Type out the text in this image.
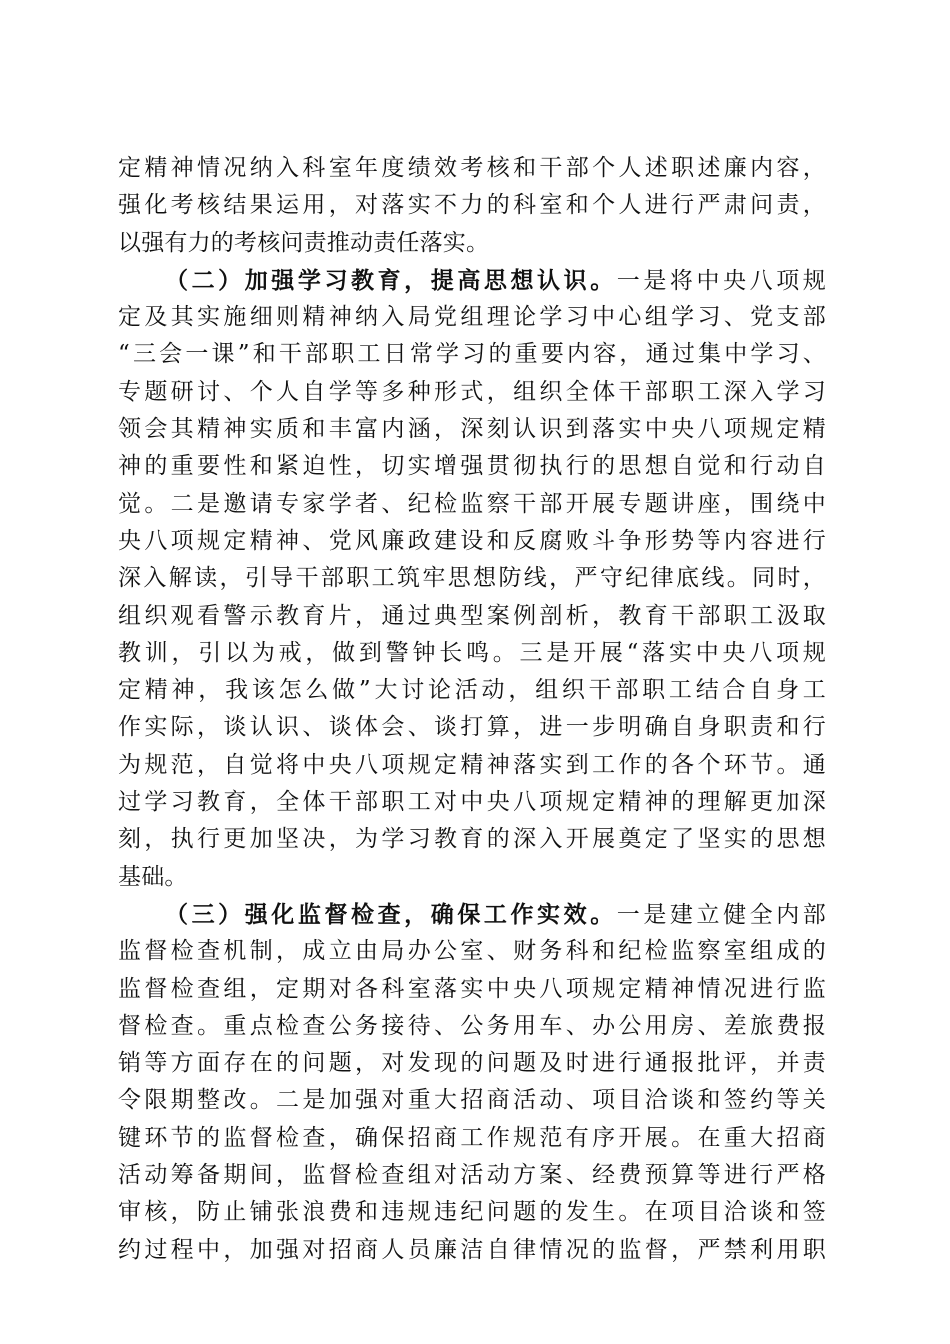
定精神情况纳入科室年度绩效考核和干部个人述职述廉内容，
强化考核结果运用，对落实不力的科室和个人进行严肃问责，
以强有力的考核问责推动责任落实。
（二）加强学习教育，提高思想认识。一是将中央八项规
定及其实施细则精神纳入局党组理论学习中心组学习、党支部
“三会一课”和干部职工日常学习的重要内容，通过集中学习、
专题研讨、个人自学等多种形式，组织全体干部职工深入学习
领会其精神实质和丰富内涵，深刻认识到落实中央八项规定精
神的重要性和紧迫性，切实增强贯彻执行的思想自觉和行动自
觉。二是邀请专家学者、纪检监察干部开展专题讲座，围绕中
央八项规定精神、党风廉政建设和反腐败斗争形势等内容进行
深入解读，引导干部职工筑牢思想防线，严守纪律底线。同时，
组织观看警示教育片，通过典型案例剖析，教育干部职工汲取
教训，引以为戒，做到警钟长鸣。三是开展“落实中央八项规
定精神，我该怎么做”大讨论活动，组织干部职工结合自身工
作实际，谈认识、谈体会、谈打算，进一步明确自身职责和行
为规范，自觉将中央八项规定精神落实到工作的各个环节。通
过学习教育，全体干部职工对中央八项规定精神的理解更加深
刻，执行更加坚决，为学习教育的深入开展奠定了坚实的思想
基础。
（三）强化监督检查，确保工作实效。一是建立健全内部
监督检查机制，成立由局办公室、财务科和纪检监察室组成的
监督检查组，定期对各科室落实中央八项规定精神情况进行监
督检查。重点检查公务接待、公务用车、办公用房、差旅费报
销等方面存在的问题，对发现的问题及时进行通报批评，并责
令限期整改。二是加强对重大招商活动、项目洽谈和签约等关
键环节的监督检查，确保招商工作规范有序开展。在重大招商
活动筹备期间，监督检查组对活动方案、经费预算等进行严格
审核，防止铺张浪费和违规违纪问题的发生。在项目洽谈和签
约过程中，加强对招商人员廉洁自律情况的监督，严禁利用职
